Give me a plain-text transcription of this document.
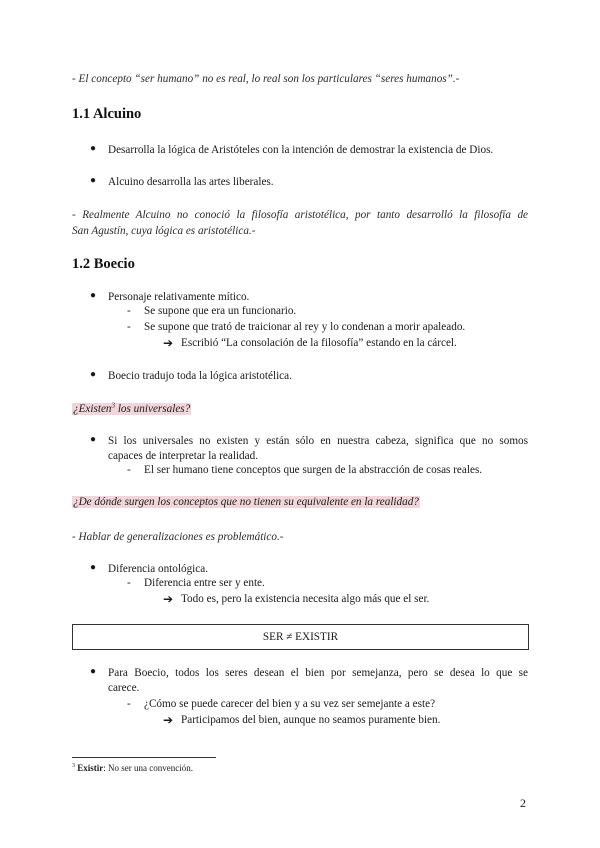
- El concepto “ser humano” no es real, lo real son los particulares “seres humanos”.-
1.1 Alcuino
● Desarrolla la lógica de Aristóteles con la intención de demostrar la existencia de Dios.
● Alcuino desarrolla las artes liberales.
- Realmente Alcuino no conoció la filosofía aristotélica, por tanto desarrolló la filosofía de
San Agustín, cuya lógica es aristotélica.-
1.2 Boecio
● Personaje relativamente mítico.
- Se supone que era un funcionario.
- Se supone que trató de traicionar al rey y lo condenan a morir apaleado.
➔ Escribió “La consolación de la filosofía” estando en la cárcel.
● Boecio tradujo toda la lógica aristotélica.
¿Existen$^3$ los universales?
● Si los universales no existen y están sólo en nuestra cabeza, significa que no somos
capaces de interpretar la realidad.
- El ser humano tiene conceptos que surgen de la abstracción de cosas reales.
¿De dónde surgen los conceptos que no tienen su equivalente en la realidad?
- Hablar de generalizaciones es problemático.-
● Diferencia ontológica.
- Diferencia entre ser y ente.
➔ Todo es, pero la existencia necesita algo más que el ser.
SER ≠ EXISTIR
● Para Boecio, todos los seres desean el bien por semejanza, pero se desea lo que se
carece.
- ¿Cómo se puede carecer del bien y a su vez ser semejante a este?
➔ Participamos del bien, aunque no seamos puramente bien.
$^3$ Existir: No ser una convención.
2
